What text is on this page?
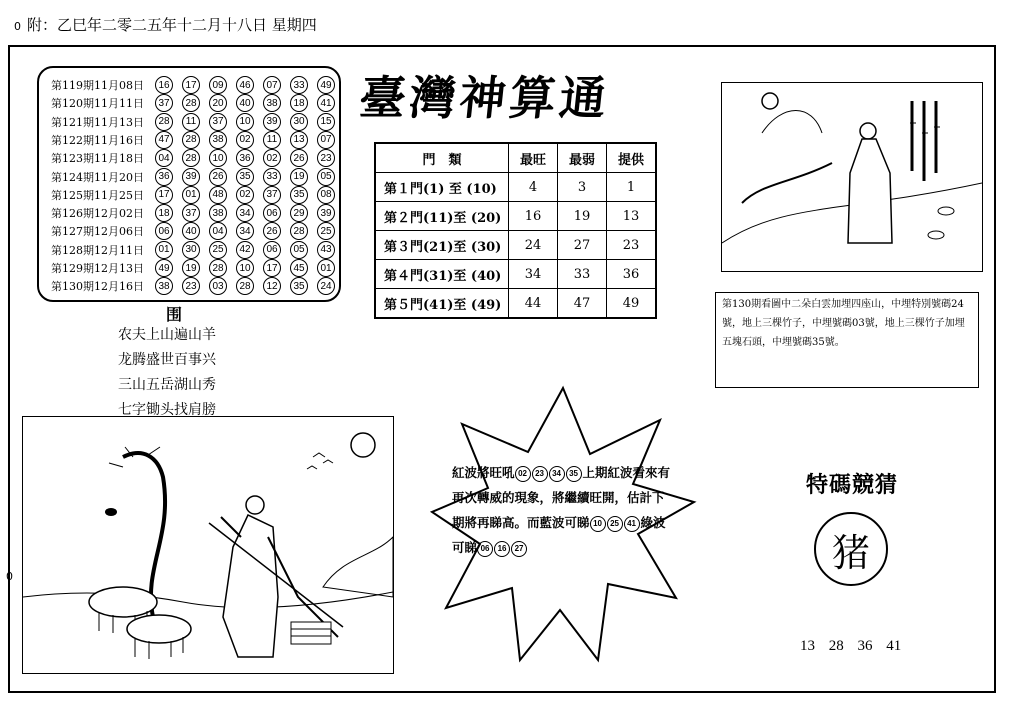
0 附：乙巳年二零二五年十二月十八日 星期四
0
第119期11月08日	16	17	09	46	07	33	49
第120期11月11日	37	28	20	40	38	18	41
第121期11月13日	28	11	37	10	39	30	15
第122期11月16日	47	28	38	02	11	13	07
第123期11月18日	04	28	10	36	02	26	23
第124期11月20日	36	39	26	35	33	19	05
第125期11月25日	17	01	48	02	37	35	08
第126期12月02日	18	37	38	34	06	29	39
第127期12月06日	06	40	04	34	26	28	25
第128期12月11日	01	30	25	42	06	05	43
第129期12月13日	49	19	28	10	17	45	01
第130期12月16日	38	23	03	28	12	35	24
臺灣神算通
門　類	最旺	最弱	提供
第１門(1) 至 (10)	4	3	1
第２門(11)至 (20)	16	19	13
第３門(21)至 (30)	24	27	23
第４門(31)至 (40)	34	33	36
第５門(41)至 (49)	44	47	49
围
农夫上山遍山羊
龙腾盛世百事兴
三山五岳湖山秀
七字锄头找肩膀
第130期看圖中二朵白雲加埋四座山，中埋特別號碼24號，地上三棵竹子，中埋號碼03號，地上三棵竹子加埋五塊石頭，中埋號碼35號。
紅波將旺吼 02 23 34 35 上期紅波看來有再次轉威的現象，將繼續旺開，估計下期將再睇高。而藍波可睇 10 25 41 綠波可睇 06 16 27
特碼競猜
猪
13 28 36 41
